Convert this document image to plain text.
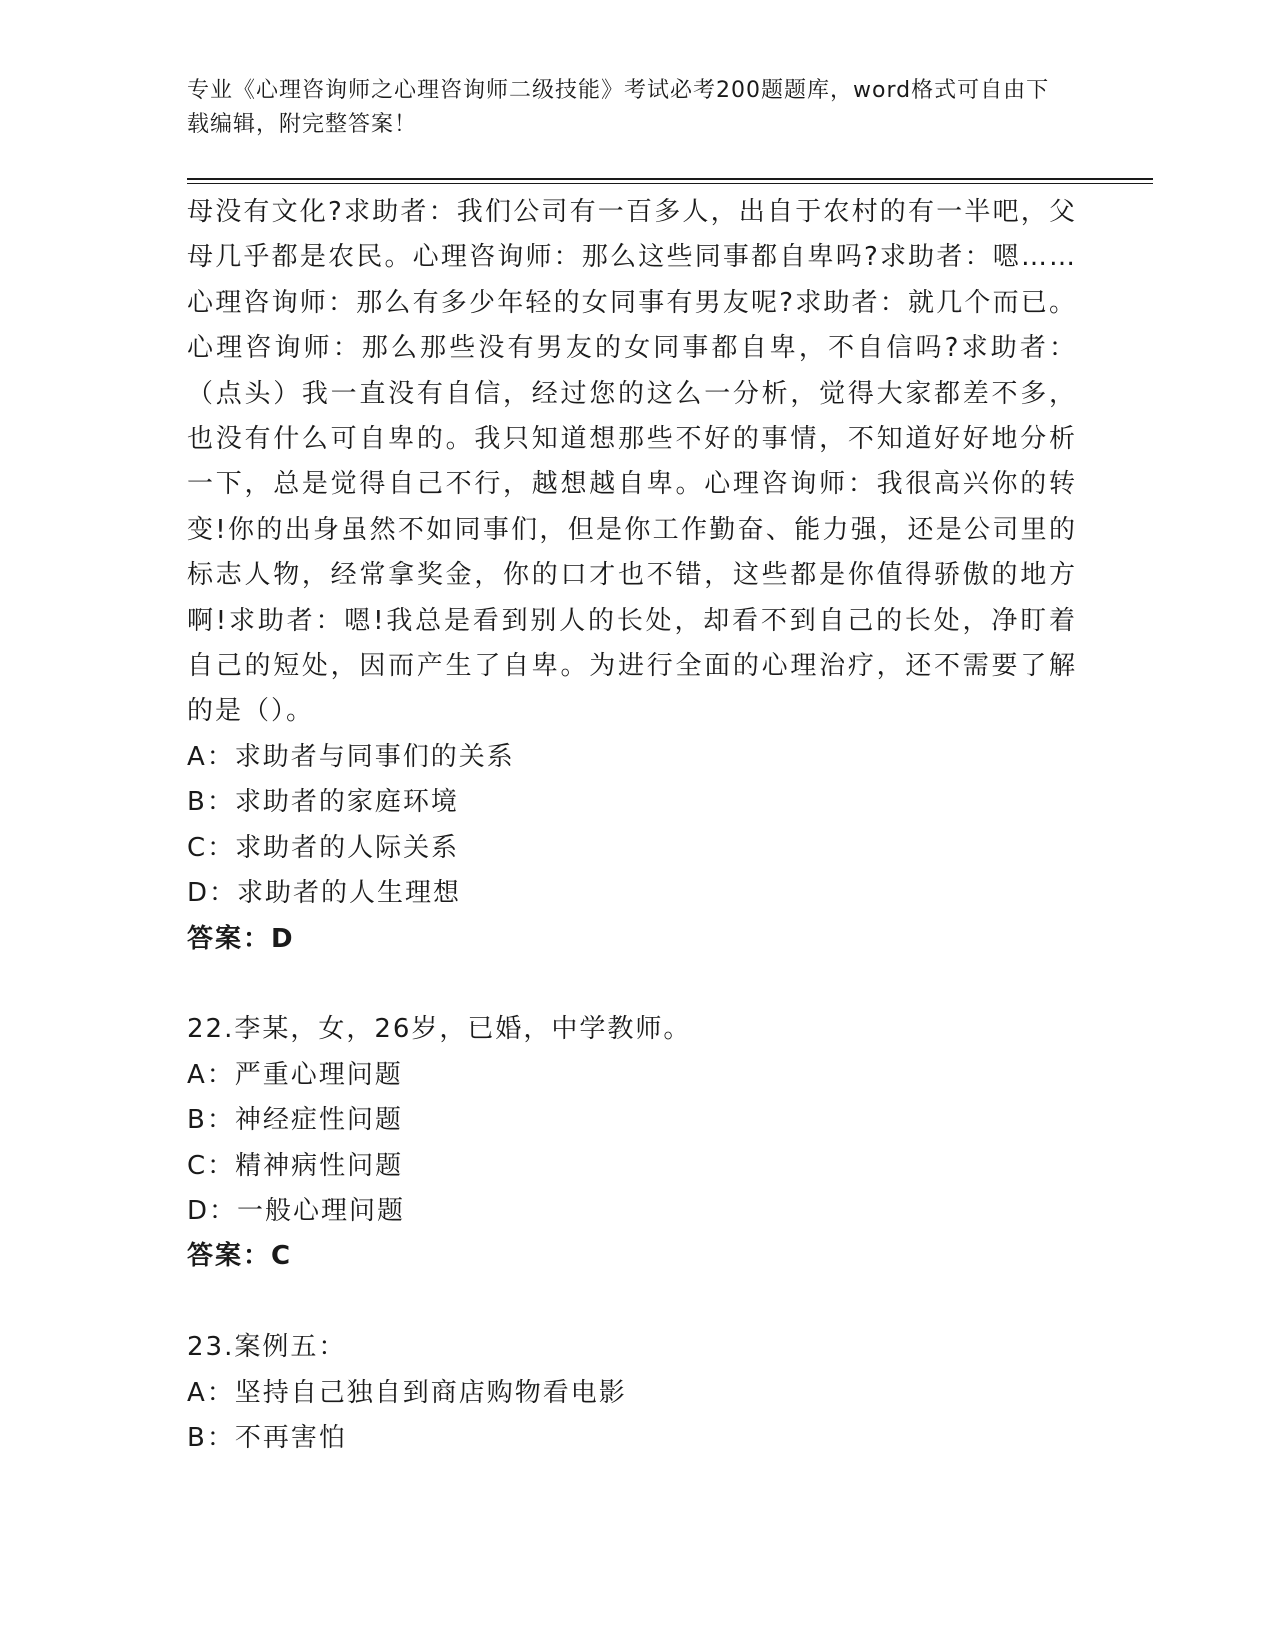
专业《心理咨询师之心理咨询师二级技能》考试必考200题题库，word格式可自由下载编辑，附完整答案！

母没有文化?求助者：我们公司有一百多人，出自于农村的有一半吧，父母几乎都是农民。心理咨询师：那么这些同事都自卑吗?求助者：嗯……心理咨询师：那么有多少年轻的女同事有男友呢?求助者：就几个而已。心理咨询师：那么那些没有男友的女同事都自卑，不自信吗?求助者：（点头）我一直没有自信，经过您的这么一分析，觉得大家都差不多，也没有什么可自卑的。我只知道想那些不好的事情，不知道好好地分析一下，总是觉得自己不行，越想越自卑。心理咨询师：我很高兴你的转变!你的出身虽然不如同事们，但是你工作勤奋、能力强，还是公司里的标志人物，经常拿奖金，你的口才也不错，这些都是你值得骄傲的地方啊!求助者：嗯!我总是看到别人的长处，却看不到自己的长处，净盯着自己的短处，因而产生了自卑。为进行全面的心理治疗，还不需要了解的是（）。

A：求助者与同事们的关系

B：求助者的家庭环境

C：求助者的人际关系

D：求助者的人生理想

答案：D

22.李某，女，26岁，已婚，中学教师。

A：严重心理问题

B：神经症性问题

C：精神病性问题

D：一般心理问题

答案：C

23.案例五：

A：坚持自己独自到商店购物看电影

B：不再害怕
